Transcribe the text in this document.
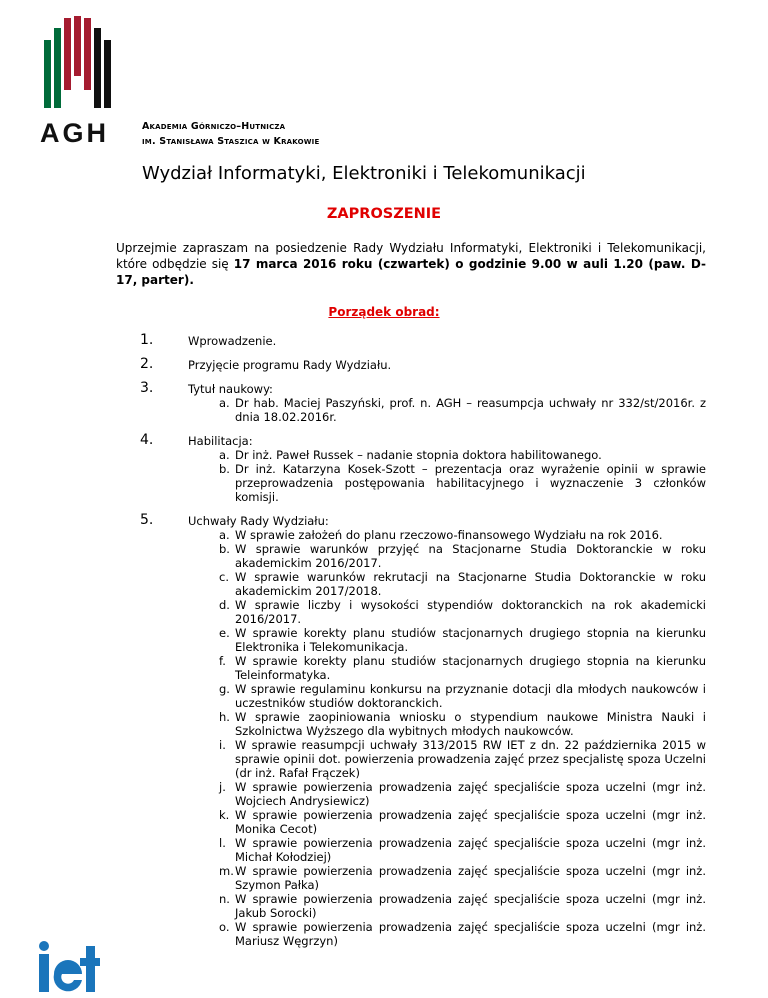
AGH	Akademia Górniczo–Hutnicza
im. Stanisława Staszica w Krakowie
Wydział Informatyki, Elektroniki i Telekomunikacji
ZAPROSZENIE
Uprzejmie zapraszam na posiedzenie Rady Wydziału Informatyki, Elektroniki i Telekomunikacji, które odbędzie się 17 marca 2016 roku (czwartek) o godzinie 9.00 w auli 1.20 (paw. D-17, parter).
Porządek obrad:
1.	Wprowadzenie.
2.	Przyjęcie programu Rady Wydziału.
3.	Tytuł naukowy:
a. Dr hab. Maciej Paszyński, prof. n. AGH – reasumpcja uchwały nr 332/st/2016r. z dnia 18.02.2016r.
4.	Habilitacja:
a. Dr inż. Paweł Russek – nadanie stopnia doktora habilitowanego.
b. Dr inż. Katarzyna Kosek-Szott – prezentacja oraz wyrażenie opinii w sprawie przeprowadzenia postępowania habilitacyjnego i wyznaczenie 3 członków komisji.
5.	Uchwały Rady Wydziału:
a. W sprawie założeń do planu rzeczowo-finansowego Wydziału na rok 2016.
b. W sprawie warunków przyjęć na Stacjonarne Studia Doktoranckie w roku akademickim 2016/2017.
c. W sprawie warunków rekrutacji na Stacjonarne Studia Doktoranckie w roku akademickim 2017/2018.
d. W sprawie liczby i wysokości stypendiów doktoranckich na rok akademicki 2016/2017.
e. W sprawie korekty planu studiów stacjonarnych drugiego stopnia na kierunku Elektronika i Telekomunikacja.
f. W sprawie korekty planu studiów stacjonarnych drugiego stopnia na kierunku Teleinformatyka.
g. W sprawie regulaminu konkursu na przyznanie dotacji dla młodych naukowców i uczestników studiów doktoranckich.
h. W sprawie zaopiniowania wniosku o stypendium naukowe Ministra Nauki i Szkolnictwa Wyższego dla wybitnych młodych naukowców.
i. W sprawie reasumpcji uchwały 313/2015 RW IET z dn. 22 października 2015 w sprawie opinii dot. powierzenia prowadzenia zajęć przez specjalistę spoza Uczelni (dr inż. Rafał Frączek)
j. W sprawie powierzenia prowadzenia zajęć specjaliście spoza uczelni (mgr inż. Wojciech Andrysiewicz)
k. W sprawie powierzenia prowadzenia zajęć specjaliście spoza uczelni (mgr inż. Monika Cecot)
l. W sprawie powierzenia prowadzenia zajęć specjaliście spoza uczelni (mgr inż. Michał Kołodziej)
m. W sprawie powierzenia prowadzenia zajęć specjaliście spoza uczelni (mgr inż. Szymon Pałka)
n. W sprawie powierzenia prowadzenia zajęć specjaliście spoza uczelni (mgr inż. Jakub Sorocki)
o. W sprawie powierzenia prowadzenia zajęć specjaliście spoza uczelni (mgr inż. Mariusz Węgrzyn)
AGH
